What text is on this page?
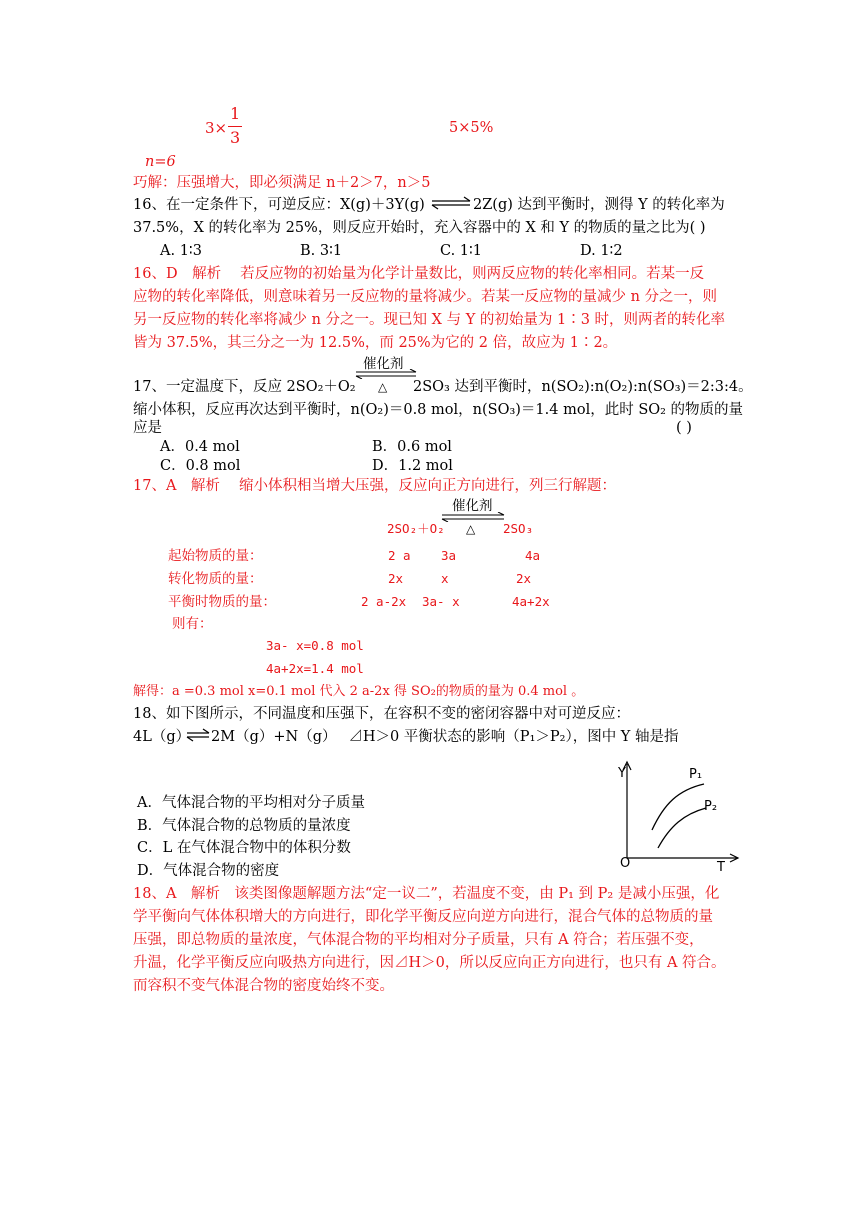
3×
1
3	5×5%
n=6
巧解：压强增大，即必须满足 n＋2＞7，n＞5
16、在一定条件下，可逆反应：X(g)＋3Y(g) ⇌ 2Z(g) 达到平衡时，测得 Y 的转化率为
37.5%，X 的转化率为 25%，则反应开始时，充入容器中的 X 和 Y 的物质的量之比为( )
A. 1∶3	B. 3∶1	C. 1∶1	D. 1∶2
16、D　解析　 若反应物的初始量为化学计量数比，则两反应物的转化率相同。若某一反
应物的转化率降低，则意味着另一反应物的量将减少。若某一反应物的量减少 n 分之一，则
另一反应物的转化率将减少 n 分之一。现已知 X 与 Y 的初始量为 1∶3 时，则两者的转化率
皆为 37.5%，其三分之一为 12.5%，而 25%为它的 2 倍，故应为 1∶2。
催化剂
17、一定温度下，反应 2SO₂＋O₂ △ 2SO₃ 达到平衡时，n(SO₂):n(O₂):n(SO₃)＝2:3:4。
缩小体积，反应再次达到平衡时，n(O₂)＝0.8 mol，n(SO₃)＝1.4 mol，此时 SO₂ 的物质的量
应是	( )
A．0.4 mol	B．0.6 mol
C．0.8 mol	D．1.2 mol
17、A　解析　 缩小体积相当增大压强，反应向正方向进行，列三行解题：
催化剂
2SO₂＋O₂ △ 2SO₃
起始物质的量：	2 a 3a	4a
转化物质的量：	2x	x	2x
平衡时物质的量：	2 a-2x 3a- x	4a+2x
则有：
3a- x=0.8 mol
4a+2x=1.4 mol
解得：a =0.3 mol x=0.1 mol 代入 2 a-2x 得 SO₂的物质的量为 0.4 mol 。
18、如下图所示，不同温度和压强下，在容积不变的密闭容器中对可逆反应：
4L（g） ⇌ 2M（g）+N（g）　 ⊿H＞0 平衡状态的影响（P₁＞P₂），图中 Y 轴是指
Y	P₁
P₂
O	T
A．气体混合物的平均相对分子质量
B．气体混合物的总物质的量浓度
C．L 在气体混合物中的体积分数
D．气体混合物的密度
18、A　解析　该类图像题解题方法“定一议二”，若温度不变，由 P₁ 到 P₂ 是减小压强，化
学平衡向气体体积增大的方向进行，即化学平衡反应向逆方向进行，混合气体的总物质的量
压强，即总物质的量浓度，气体混合物的平均相对分子质量，只有 A 符合；若压强不变，
升温，化学平衡反应向吸热方向进行，因⊿H＞0，所以反应向正方向进行，也只有 A 符合。
而容积不变气体混合物的密度始终不变。
